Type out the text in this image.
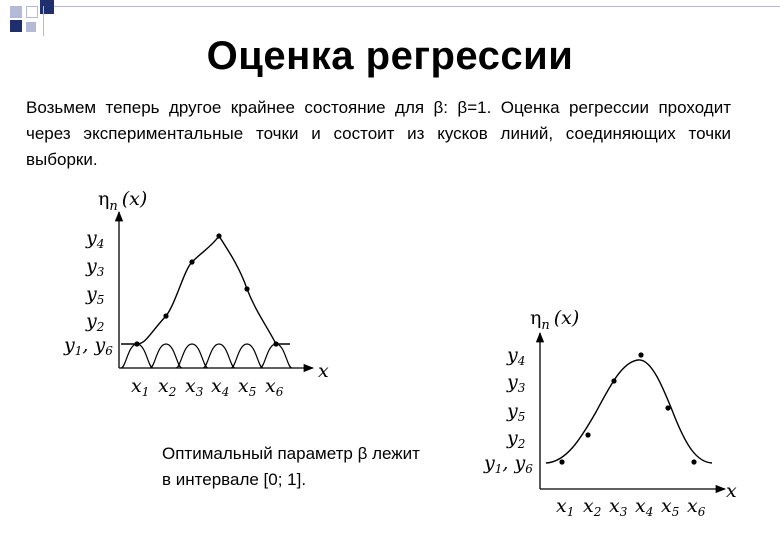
Оценка регрессии
Возьмем теперь другое крайнее состояние для β: β=1. Оценка регрессии проходит через экспериментальные точки и состоит из кусков линий, соединяющих точки выборки.
Оптимальный параметр β лежит
в интервале [0; 1].
$\eta_n$ (x)
x
$y_4$
$y_3$
$y_5$
$y_2$
$y_1$, $y_6$
$x_1$ $x_2$ $x_3$ $x_4$ $x_5$ $x_6$
$\eta_n$ (x)
x
$y_4$
$y_3$
$y_5$
$y_2$
$y_1$, $y_6$
$x_1$ $x_2$ $x_3$ $x_4$ $x_5$ $x_6$
